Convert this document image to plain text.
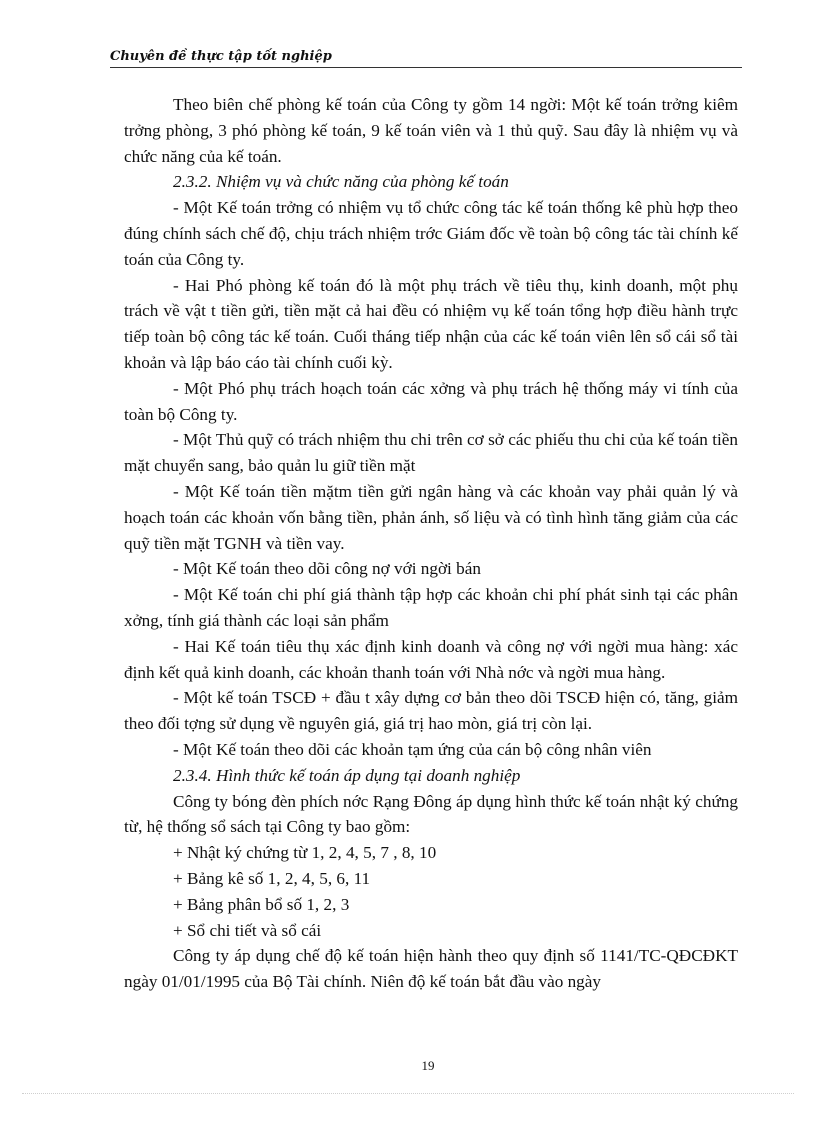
Chuyên đề thực tập tốt nghiệp

Theo biên chế phòng kế toán của Công ty gồm 14 ngời: Một kế toán trởng kiêm trởng phòng, 3 phó phòng kế toán, 9 kế toán viên và 1 thủ quỹ. Sau đây là nhiệm vụ và chức năng của kế toán.

2.3.2. Nhiệm vụ và chức năng của phòng kế toán

- Một Kế toán trởng có nhiệm vụ tổ chức công tác kế toán thống kê phù hợp theo đúng chính sách chế độ, chịu trách nhiệm trớc Giám đốc về toàn bộ công tác tài chính kế toán của Công ty.

- Hai Phó phòng kế toán đó là một phụ trách về tiêu thụ, kinh doanh, một phụ trách về vật t tiền gửi, tiền mặt cả hai đều có nhiệm vụ kế toán tổng hợp điều hành trực tiếp toàn bộ công tác kế toán. Cuối tháng tiếp nhận của các kế toán viên lên sổ cái sổ tài khoản và lập báo cáo tài chính cuối kỳ.

- Một Phó phụ trách hoạch toán các xởng và phụ trách hệ thống máy vi tính của toàn bộ Công ty.

- Một Thủ quỹ có trách nhiệm thu chi trên cơ sở các phiếu thu chi của kế toán tiền mặt chuyển sang, bảo quản lu giữ tiền mặt

- Một Kế toán tiền mặtm tiền gửi ngân hàng và các khoản vay phải quản lý và hoạch toán các khoản vốn bằng tiền, phản ánh, số liệu và có tình hình tăng giảm của các quỹ tiền mặt TGNH và tiền vay.

- Một Kế toán theo dõi công nợ với ngời bán

- Một Kế toán chi phí giá thành tập hợp các khoản chi phí phát sinh tại các phân xởng, tính giá thành các loại sản phẩm

- Hai Kế toán tiêu thụ xác định kinh doanh và công nợ với ngời mua hàng: xác định kết quả kinh doanh, các khoản thanh toán với Nhà nớc và ngời mua hàng.

- Một kế toán TSCĐ + đầu t xây dựng cơ bản theo dõi TSCĐ hiện có, tăng, giảm theo đối tợng sử dụng về nguyên giá, giá trị hao mòn, giá trị còn lại.

- Một Kế toán theo dõi các khoản tạm ứng của cán bộ công nhân viên

2.3.4. Hình thức kế toán áp dụng tại doanh nghiệp

Công ty bóng đèn phích nớc Rạng Đông áp dụng hình thức kế toán nhật ký chứng từ, hệ thống sổ sách tại Công ty bao gồm:

+ Nhật ký chứng từ 1, 2, 4, 5, 7 , 8, 10

+ Bảng kê số 1, 2, 4, 5, 6, 11

+ Bảng phân bổ số 1, 2, 3

+ Sổ chi tiết và sổ cái

Công ty áp dụng chế độ kế toán hiện hành theo quy định số 1141/TC-QĐCĐKT ngày 01/01/1995 của Bộ Tài chính. Niên độ kế toán bắt đầu vào ngày

19
